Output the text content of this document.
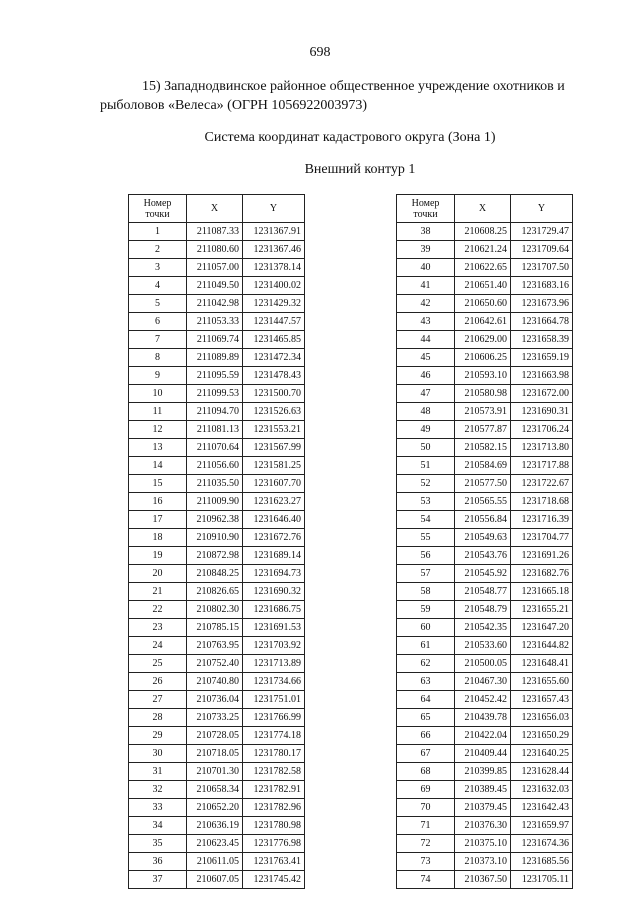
698
15) Западнодвинское районное общественное учреждение охотников и
рыболовов «Велеса» (ОГРН 1056922003973)
Система координат кадастрового округа (Зона 1)
Внешний контур 1
Номер
точки	X	Y
1	211087.33	1231367.91
2	211080.60	1231367.46
3	211057.00	1231378.14
4	211049.50	1231400.02
5	211042.98	1231429.32
6	211053.33	1231447.57
7	211069.74	1231465.85
8	211089.89	1231472.34
9	211095.59	1231478.43
10	211099.53	1231500.70
11	211094.70	1231526.63
12	211081.13	1231553.21
13	211070.64	1231567.99
14	211056.60	1231581.25
15	211035.50	1231607.70
16	211009.90	1231623.27
17	210962.38	1231646.40
18	210910.90	1231672.76
19	210872.98	1231689.14
20	210848.25	1231694.73
21	210826.65	1231690.32
22	210802.30	1231686.75
23	210785.15	1231691.53
24	210763.95	1231703.92
25	210752.40	1231713.89
26	210740.80	1231734.66
27	210736.04	1231751.01
28	210733.25	1231766.99
29	210728.05	1231774.18
30	210718.05	1231780.17
31	210701.30	1231782.58
32	210658.34	1231782.91
33	210652.20	1231782.96
34	210636.19	1231780.98
35	210623.45	1231776.98
36	210611.05	1231763.41
37	210607.05	1231745.42
Номер
точки	X	Y
38	210608.25	1231729.47
39	210621.24	1231709.64
40	210622.65	1231707.50
41	210651.40	1231683.16
42	210650.60	1231673.96
43	210642.61	1231664.78
44	210629.00	1231658.39
45	210606.25	1231659.19
46	210593.10	1231663.98
47	210580.98	1231672.00
48	210573.91	1231690.31
49	210577.87	1231706.24
50	210582.15	1231713.80
51	210584.69	1231717.88
52	210577.50	1231722.67
53	210565.55	1231718.68
54	210556.84	1231716.39
55	210549.63	1231704.77
56	210543.76	1231691.26
57	210545.92	1231682.76
58	210548.77	1231665.18
59	210548.79	1231655.21
60	210542.35	1231647.20
61	210533.60	1231644.82
62	210500.05	1231648.41
63	210467.30	1231655.60
64	210452.42	1231657.43
65	210439.78	1231656.03
66	210422.04	1231650.29
67	210409.44	1231640.25
68	210399.85	1231628.44
69	210389.45	1231632.03
70	210379.45	1231642.43
71	210376.30	1231659.97
72	210375.10	1231674.36
73	210373.10	1231685.56
74	210367.50	1231705.11
